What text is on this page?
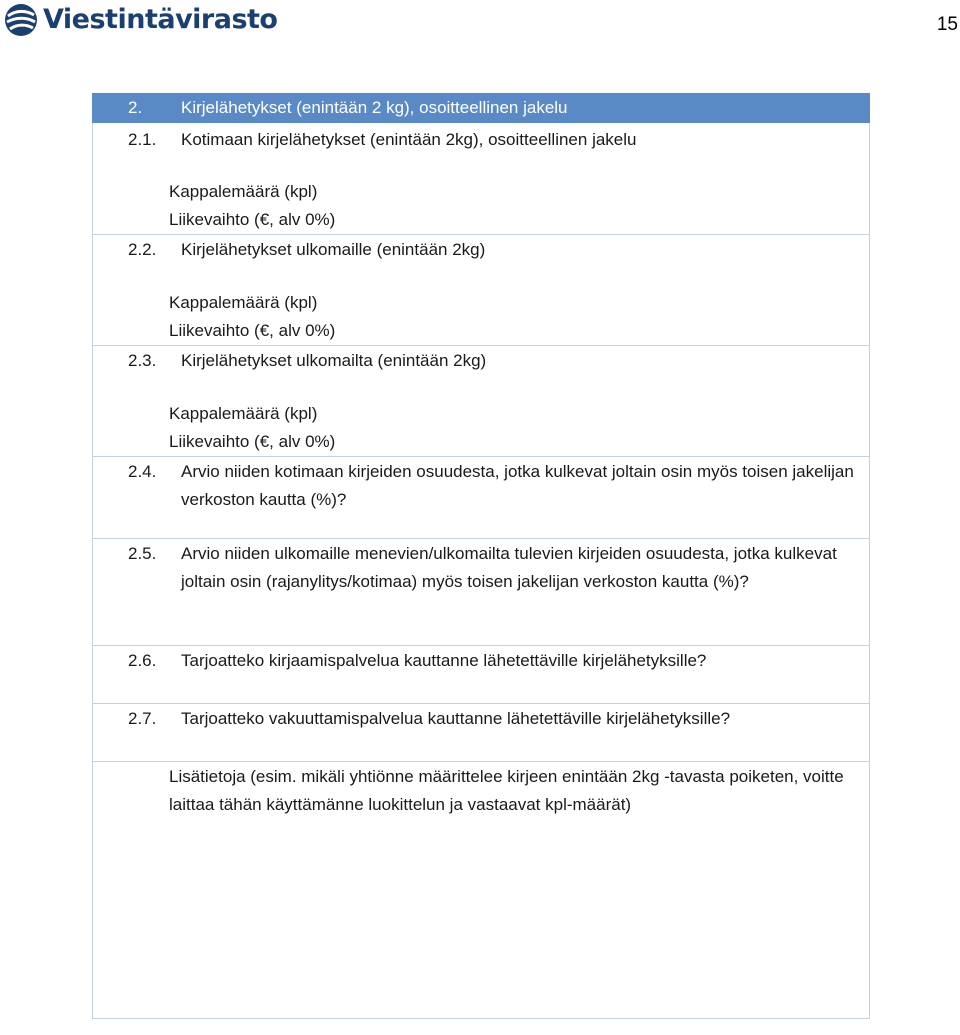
Viestintävirasto	15
2. Kirjelähetykset (enintään 2 kg), osoitteellinen jakelu
2.1. Kotimaan kirjelähetykset (enintään 2kg), osoitteellinen jakelu

Kappalemäärä (kpl)
Liikevaihto (€, alv 0%)
2.2. Kirjelähetykset ulkomaille (enintään 2kg)

Kappalemäärä (kpl)
Liikevaihto (€, alv 0%)
2.3. Kirjelähetykset ulkomailta (enintään 2kg)

Kappalemäärä (kpl)
Liikevaihto (€, alv 0%)

2.4.	Arvio niiden kotimaan kirjeiden osuudesta, jotka kulkevat joltain osin myös toisen jakelijan verkoston kautta (%)?

2.5.	Arvio niiden ulkomaille menevien/ulkomailta tulevien kirjeiden osuudesta, jotka kulkevat joltain osin (rajanylitys/kotimaa) myös toisen jakelijan verkoston kautta (%)?

2.6.	Tarjoatteko kirjaamispalvelua kauttanne lähetettäville kirjelähetyksille?

2.7.	Tarjoatteko vakuuttamispalvelua kauttanne lähetettäville kirjelähetyksille?

Lisätietoja (esim. mikäli yhtiönne määrittelee kirjeen enintään 2kg -tavasta poiketen, voitte laittaa tähän käyttämänne luokittelun ja vastaavat kpl-määrät)
